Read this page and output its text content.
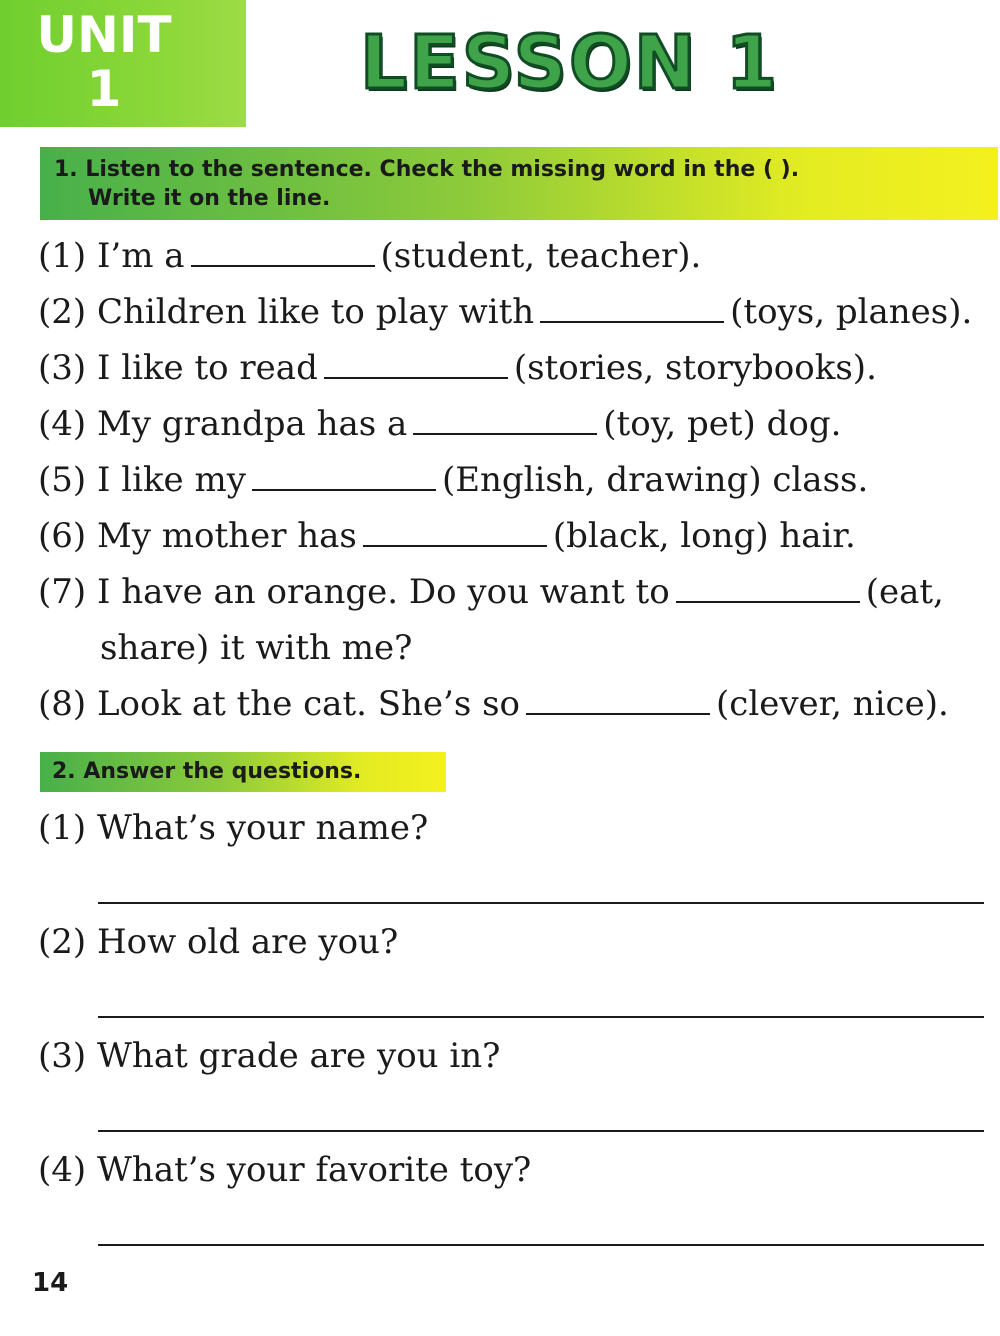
UNIT
1	LESSON 1
1. Listen to the sentence. Check the missing word in the ( ).
Write it on the line.
(1) I’m a	(student, teacher).
(2) Children like to play with	(toys, planes).
(3) I like to read	(stories, storybooks).
(4) My grandpa has a	(toy, pet) dog.
(5) I like my	(English, drawing) class.
(6) My mother has	(black, long) hair.
(7) I have an orange. Do you want to	(eat,
share) it with me?
(8) Look at the cat. She’s so	(clever, nice).
2. Answer the questions.
(1) What’s your name?
(2) How old are you?
(3) What grade are you in?
(4) What’s your favorite toy?
14
